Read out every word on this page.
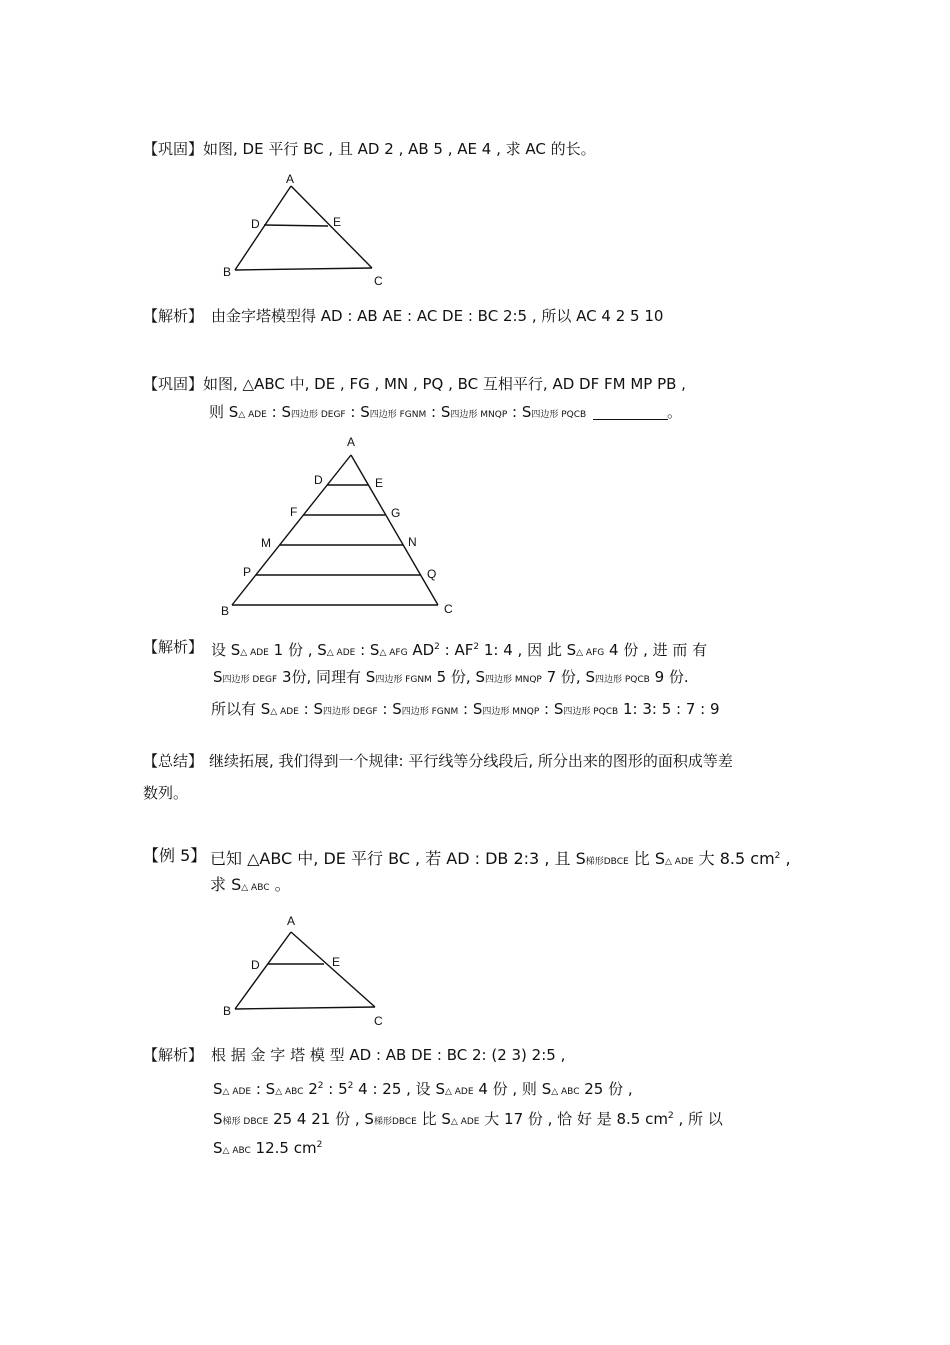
【巩固】 如图, DE 平行 BC , 且 AD 2 , AB 5 , AE 4 , 求 AC 的长。
A
D	E
B
C
【解析】 由金字塔模型得 AD : AB AE : AC DE : BC 2:5 , 所以 AC 4 2 5 10
【巩固】 如图, △ABC 中, DE , FG , MN , PQ , BC 互相平行, AD DF FM MP PB ,
则 S△ ADE : S四边形 DEGF : S四边形 FGNM : S四边形 MNQP : S四边形 PQCB	。
A
D	E
F	G
M	N
P	Q
B	C
【解析】 设 S△ ADE 1 份 , S△ ADE : S△ AFG $AD^2$ : $AF^2$ 1: 4 , 因 此 S△ AFG 4 份 , 进 而 有
S四边形 DEGF 3份, 同理有 S四边形 FGNM 5 份, S四边形 MNQP 7 份, S四边形 PQCB 9 份.
所以有 S△ ADE : S四边形 DEGF : S四边形 FGNM : S四边形 MNQP : S四边形 PQCB 1: 3: 5 : 7 : 9
【总结】 继续拓展, 我们得到一个规律: 平行线等分线段后, 所分出来的图形的面积成等差
数列。
【例 5】 已知 △ABC 中, DE 平行 BC , 若 AD : DB 2:3 , 且 S梯形DBCE 比 S△ ADE 大 8.5 $cm^2$ ,
求 S△ ABC 。
A
D	E
B
C
【解析】 根 据 金 字 塔 模 型 AD : AB DE : BC 2: (2 3) 2:5 ,
S△ ADE : S△ ABC $2^2$ : $5^2$ 4 : 25 , 设 S△ ADE 4 份 , 则 S△ ABC 25 份 ,
S梯形 DBCE 25 4 21 份 , S梯形DBCE 比 S△ ADE 大 17 份 , 恰 好 是 8.5 $cm^2$ , 所 以
S△ ABC 12.5 $cm^2$
